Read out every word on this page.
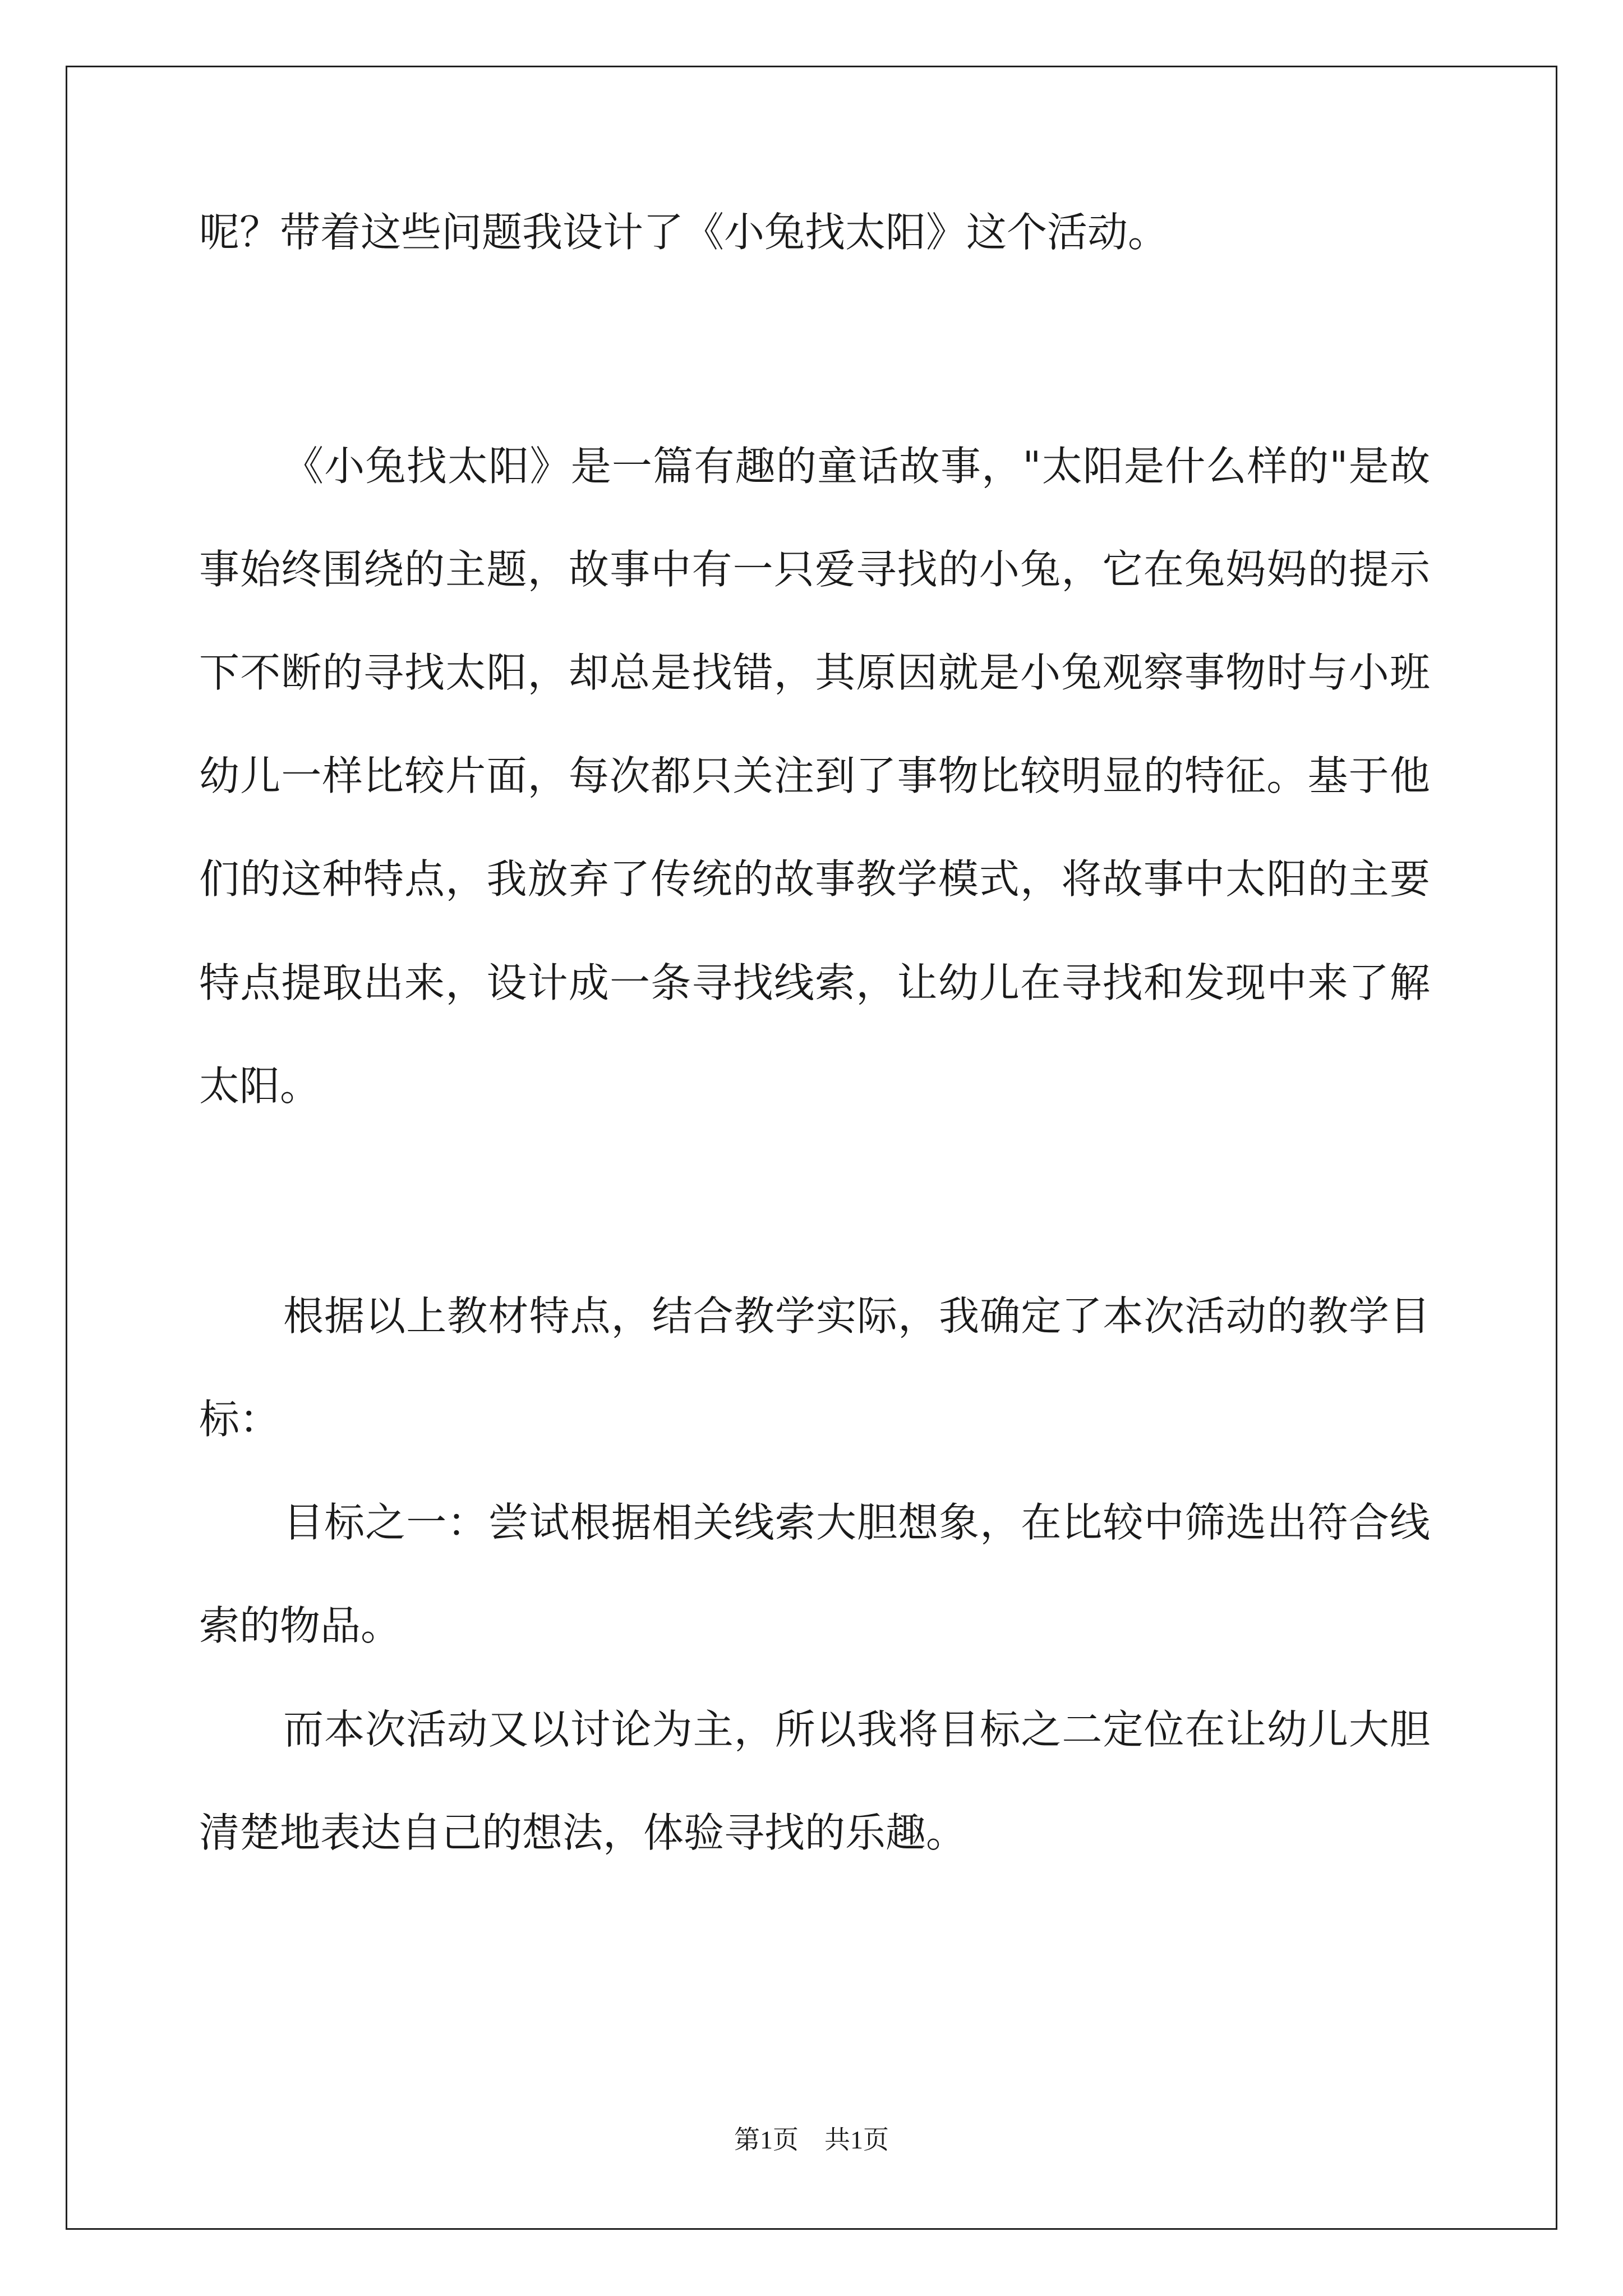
呢？带着这些问题我设计了《小兔找太阳》这个活动。
《小兔找太阳》是一篇有趣的童话故事，"太阳是什么样的"是故
事始终围绕的主题，故事中有一只爱寻找的小兔，它在兔妈妈的提示
下不断的寻找太阳，却总是找错，其原因就是小兔观察事物时与小班
幼儿一样比较片面，每次都只关注到了事物比较明显的特征。基于他
们的这种特点，我放弃了传统的故事教学模式，将故事中太阳的主要
特点提取出来，设计成一条寻找线索，让幼儿在寻找和发现中来了解
太阳。
根据以上教材特点，结合教学实际，我确定了本次活动的教学目
标：
目标之一：尝试根据相关线索大胆想象，在比较中筛选出符合线
索的物品。
而本次活动又以讨论为主，所以我将目标之二定位在让幼儿大胆
清楚地表达自己的想法，体验寻找的乐趣。
第1页　共1页
